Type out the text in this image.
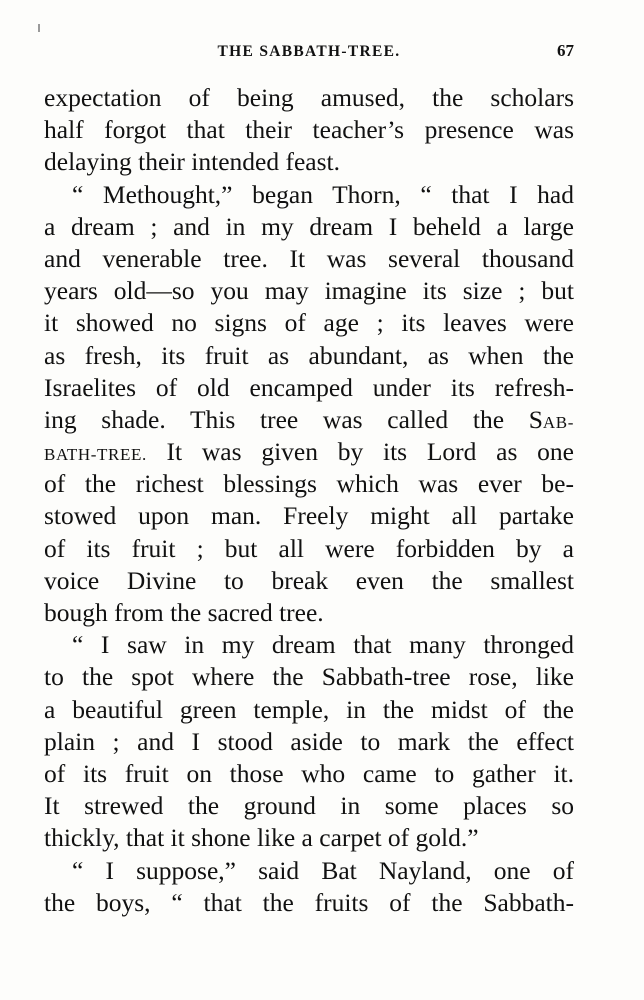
THE SABBATH-TREE.	67
expectation of being amused, the scholars
half forgot that their teacher’s presence was
delaying their intended feast.
“ Methought,” began Thorn, “ that I had
a dream ; and in my dream I beheld a large
and venerable tree. It was several thousand
years old—so you may imagine its size ; but
it showed no signs of age ; its leaves were
as fresh, its fruit as abundant, as when the
Israelites of old encamped under its refresh-
ing shade. This tree was called the SAB-
BATH-TREE. It was given by its Lord as one
of the richest blessings which was ever be-
stowed upon man. Freely might all partake
of its fruit ; but all were forbidden by a
voice Divine to break even the smallest
bough from the sacred tree.
“ I saw in my dream that many thronged
to the spot where the Sabbath-tree rose, like
a beautiful green temple, in the midst of the
plain ; and I stood aside to mark the effect
of its fruit on those who came to gather it.
It strewed the ground in some places so
thickly, that it shone like a carpet of gold.”
“ I suppose,” said Bat Nayland, one of
the boys, “ that the fruits of the Sabbath-
